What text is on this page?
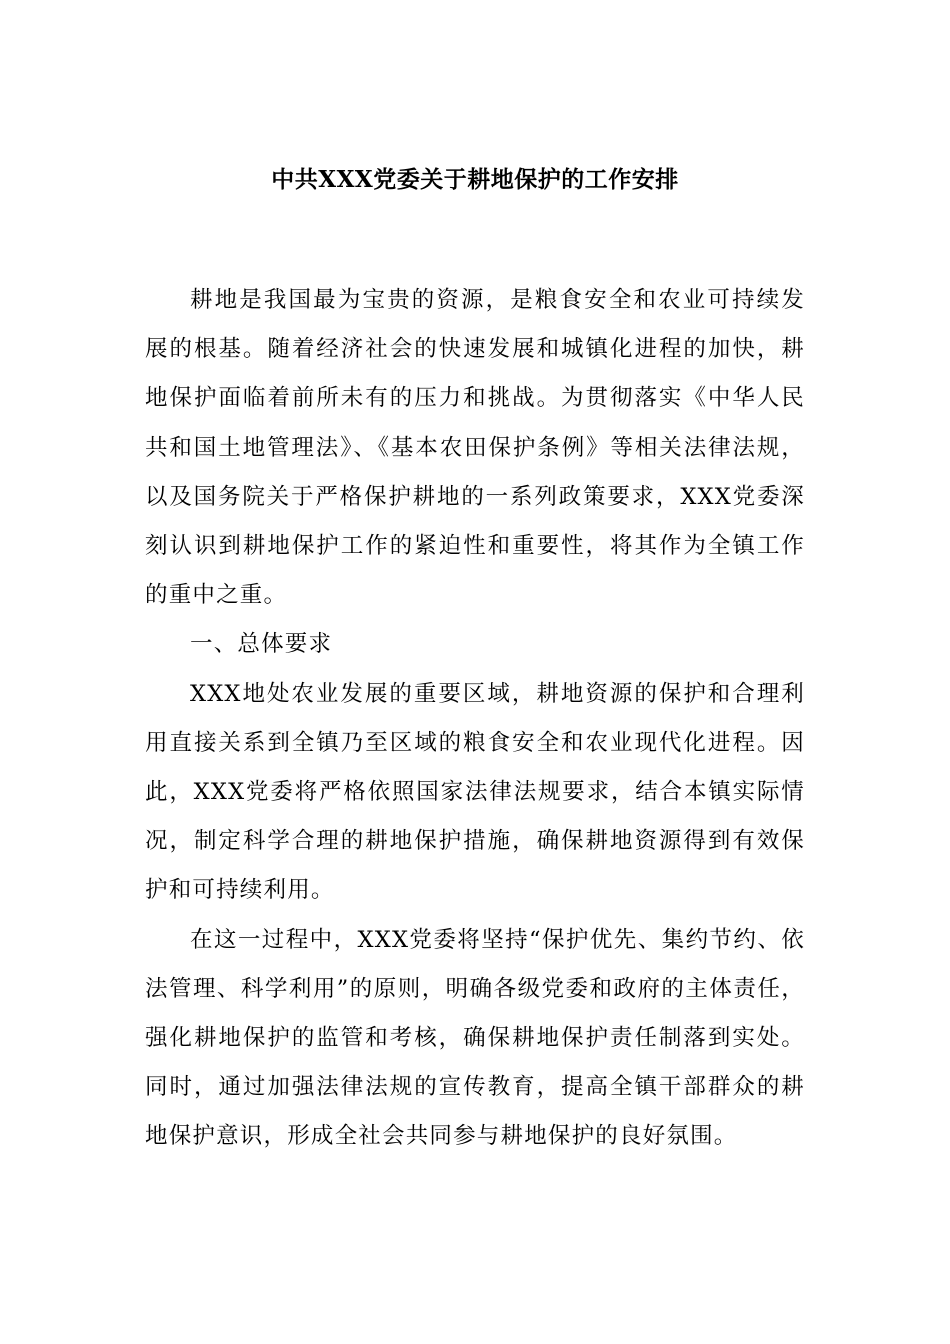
中共XXX党委关于耕地保护的工作安排

耕地是我国最为宝贵的资源，是粮食安全和农业可持续发展的根基。随着经济社会的快速发展和城镇化进程的加快，耕地保护面临着前所未有的压力和挑战。为贯彻落实《中华人民共和国土地管理法》、《基本农田保护条例》等相关法律法规，以及国务院关于严格保护耕地的一系列政策要求，XXX党委深刻认识到耕地保护工作的紧迫性和重要性，将其作为全镇工作的重中之重。

一、总体要求

XXX地处农业发展的重要区域，耕地资源的保护和合理利用直接关系到全镇乃至区域的粮食安全和农业现代化进程。因此，XXX党委将严格依照国家法律法规要求，结合本镇实际情况，制定科学合理的耕地保护措施，确保耕地资源得到有效保护和可持续利用。

在这一过程中，XXX党委将坚持“保护优先、集约节约、依法管理、科学利用”的原则，明确各级党委和政府的主体责任，强化耕地保护的监管和考核，确保耕地保护责任制落到实处。同时，通过加强法律法规的宣传教育，提高全镇干部群众的耕地保护意识，形成全社会共同参与耕地保护的良好氛围。
